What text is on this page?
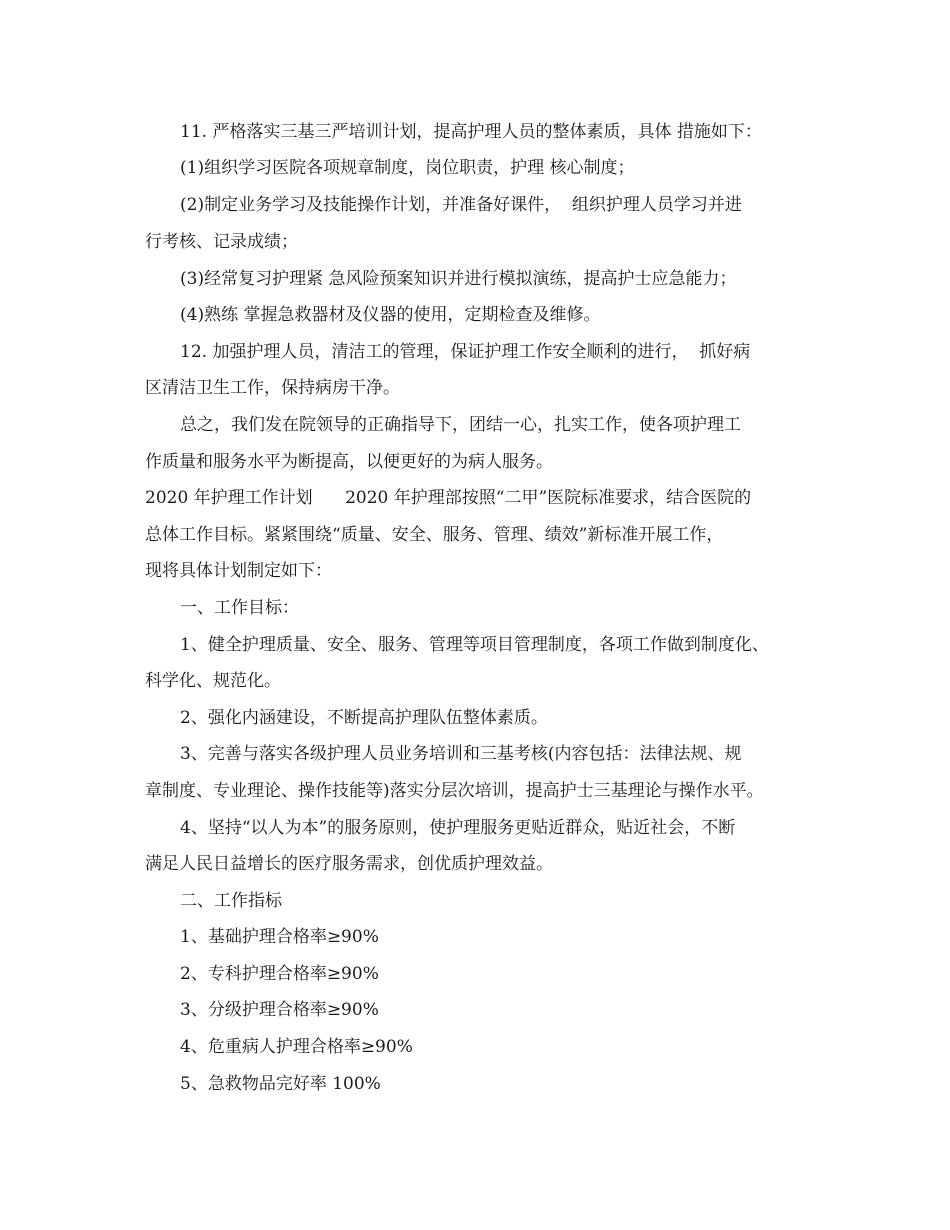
11. 严格落实三基三严培训计划，提高护理人员的整体素质，具体 措施如下：
(1)组织学习医院各项规章制度，岗位职责，护理 核心制度；
(2)制定业务学习及技能操作计划，并准备好课件，  组织护理人员学习并进
行考核、记录成绩；
(3)经常复习护理紧 急风险预案知识并进行模拟演练，提高护士应急能力；
(4)熟练 掌握急救器材及仪器的使用，定期检查及维修。
12. 加强护理人员，清洁工的管理，保证护理工作安全顺利的进行，  抓好病
区清洁卫生工作，保持病房干净。
总之，我们发在院领导的正确指导下，团结一心，扎实工作，使各项护理工
作质量和服务水平为断提高，以便更好的为病人服务。
2020 年护理工作计划      2020 年护理部按照“二甲”医院标准要求，结合医院的
总体工作目标。紧紧围绕“质量、安全、服务、管理、绩效”新标准开展工作，
现将具体计划制定如下：
一、工作目标：
1、健全护理质量、安全、服务、管理等项目管理制度，各项工作做到制度化、
科学化、规范化。
2、强化内涵建设，不断提高护理队伍整体素质。
3、完善与落实各级护理人员业务培训和三基考核(内容包括：法律法规、规
章制度、专业理论、操作技能等)落实分层次培训，提高护士三基理论与操作水平。
4、坚持“以人为本”的服务原则，使护理服务更贴近群众，贴近社会，不断
满足人民日益增长的医疗服务需求，创优质护理效益。
二、工作指标
1、基础护理合格率≥90%
2、专科护理合格率≥90%
3、分级护理合格率≥90%
4、危重病人护理合格率≥90%
5、急救物品完好率 100%
